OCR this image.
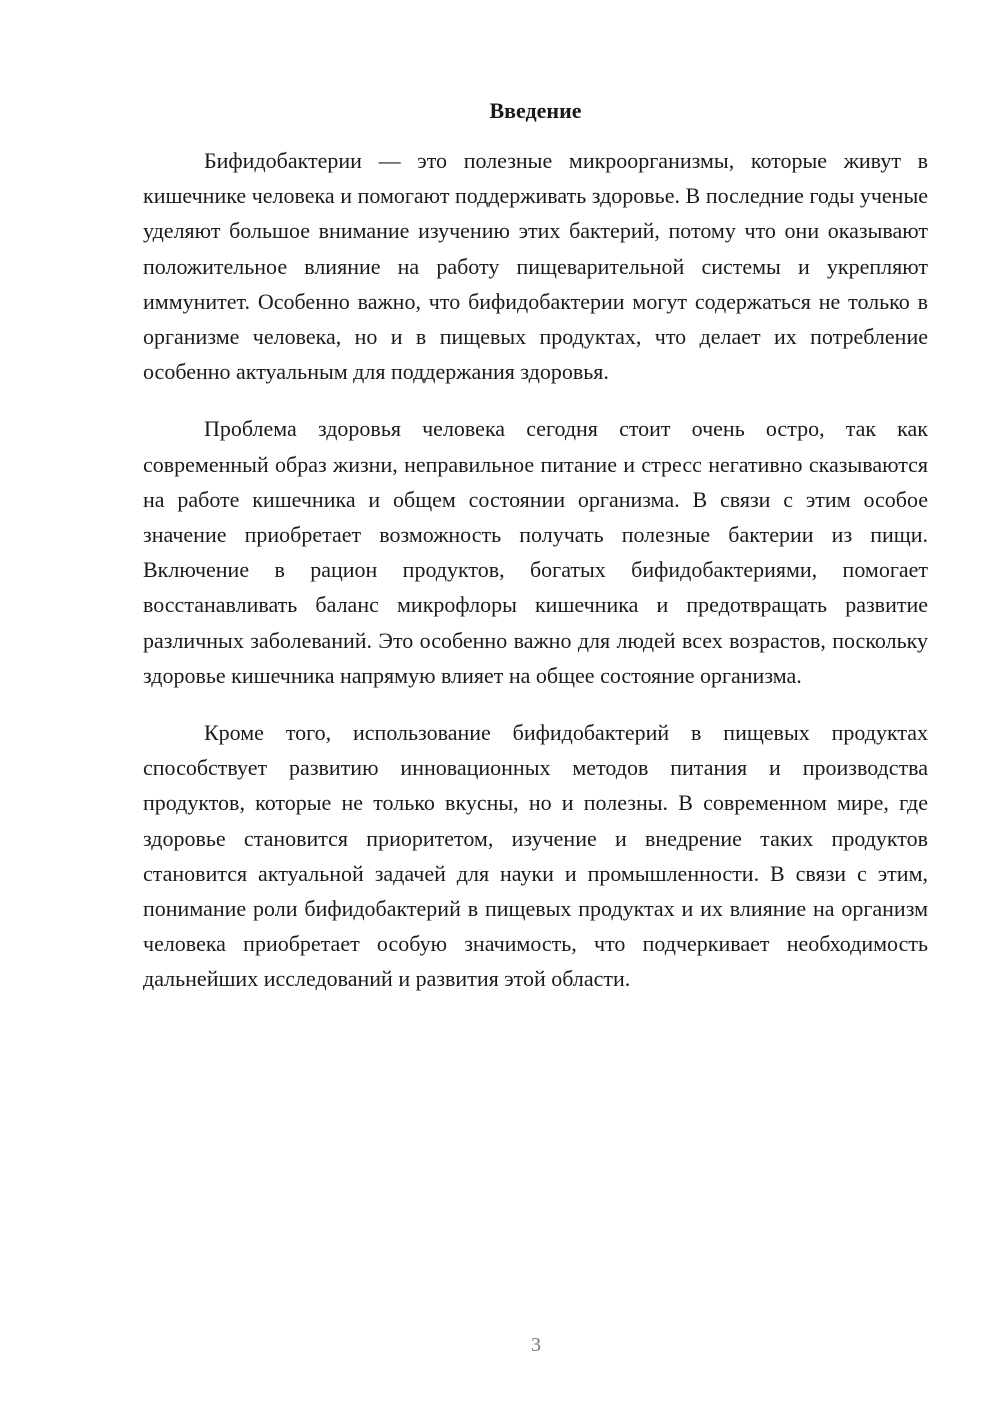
Введение

Бифидобактерии — это полезные микроорганизмы, которые живут в кишечнике человека и помогают поддерживать здоровье. В последние годы ученые уделяют большое внимание изучению этих бактерий, потому что они оказывают положительное влияние на работу пищеварительной системы и укрепляют иммунитет. Особенно важно, что бифидобактерии могут содержаться не только в организме человека, но и в пищевых продуктах, что делает их потребление особенно актуальным для поддержания здоровья.

Проблема здоровья человека сегодня стоит очень остро, так как современный образ жизни, неправильное питание и стресс негативно сказываются на работе кишечника и общем состоянии организма. В связи с этим особое значение приобретает возможность получать полезные бактерии из пищи. Включение в рацион продуктов, богатых бифидобактериями, помогает восстанавливать баланс микрофлоры кишечника и предотвращать развитие различных заболеваний. Это особенно важно для людей всех возрастов, поскольку здоровье кишечника напрямую влияет на общее состояние организма.

Кроме того, использование бифидобактерий в пищевых продуктах способствует развитию инновационных методов питания и производства продуктов, которые не только вкусны, но и полезны. В современном мире, где здоровье становится приоритетом, изучение и внедрение таких продуктов становится актуальной задачей для науки и промышленности. В связи с этим, понимание роли бифидобактерий в пищевых продуктах и их влияние на организм человека приобретает особую значимость, что подчеркивает необходимость дальнейших исследований и развития этой области.

3
